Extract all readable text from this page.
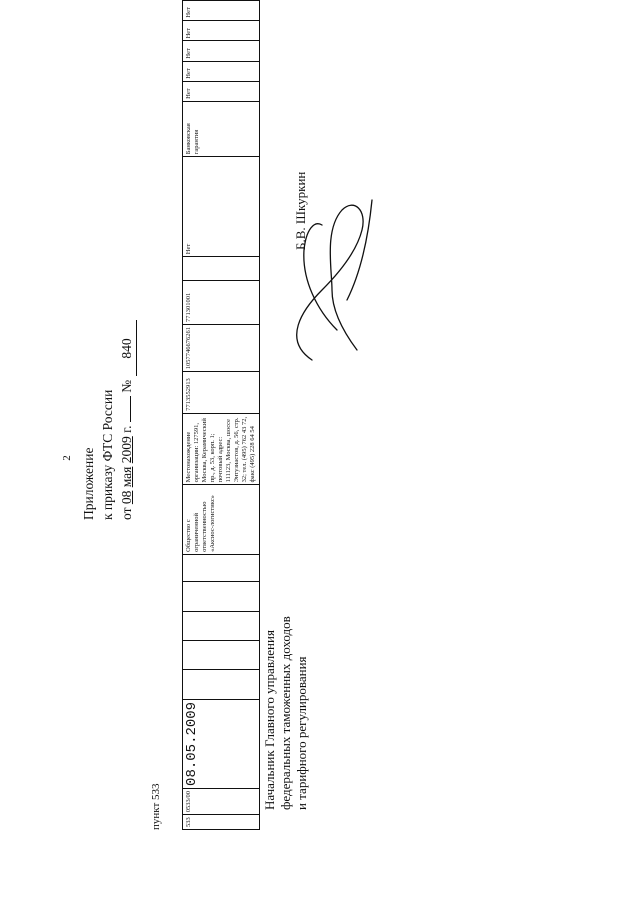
2 Приложение к приказу ФТС России от 08 мая 2009 г.  № 840
пункт 533	533	0533/00	08.05.2009						Общество с ограниченной ответственностью «Аксиос-логистикс»	Местонахождение организации: 127591, Москва, Керамический пр., д. 53, корп. 1; почтовый адрес: 111123, Москва, шоссе Энтузиастов, д. 56, стр. 32; тел. (495) 762 43 72, факс (495) 228 64 54	7713552913	1057746676261	771301001		Нет	Банковская гарантия	Нет	Нет	Нет	Нет	Нет
Начальник Главного управления федеральных таможенных доходов и тарифного регулирования
Б.В. Шкуркин
